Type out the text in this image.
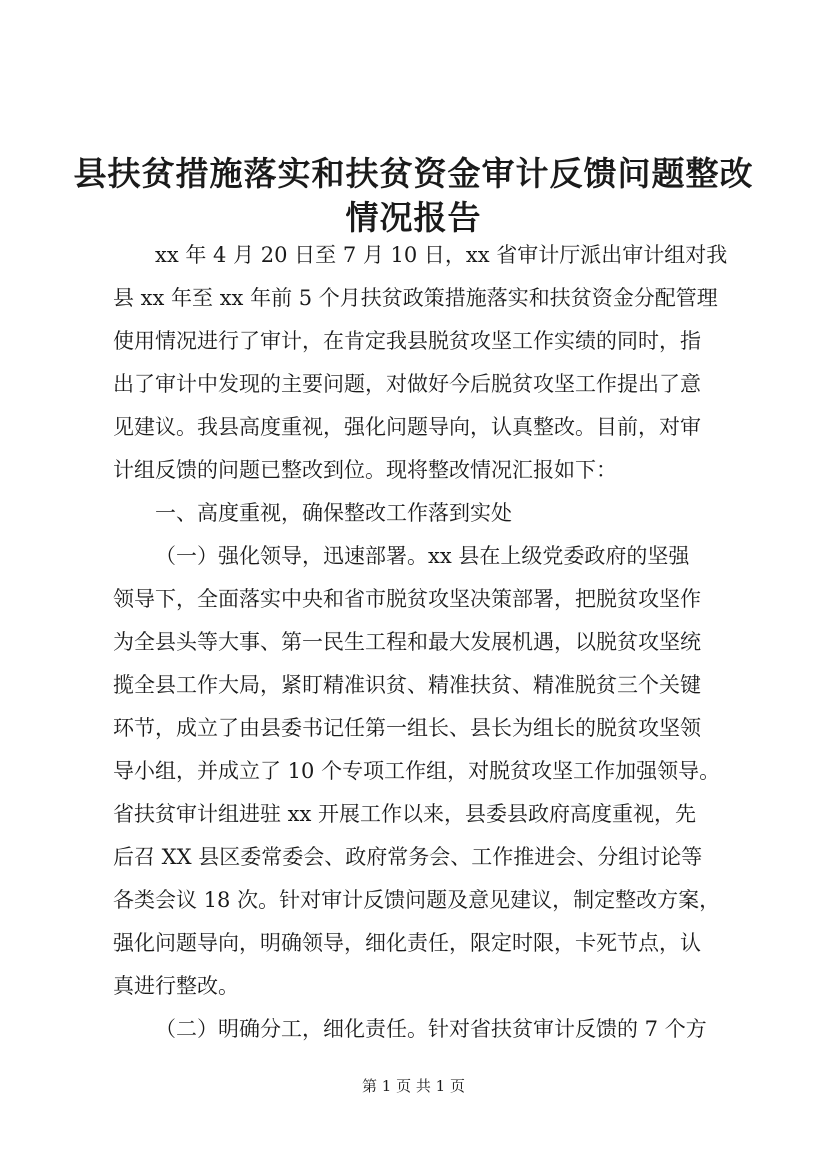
县扶贫措施落实和扶贫资金审计反馈问题整改
情况报告

xx 年 4 月 20 日至 7 月 10 日，xx 省审计厅派出审计组对我

县 xx 年至 xx 年前 5 个月扶贫政策措施落实和扶贫资金分配管理

使用情况进行了审计，在肯定我县脱贫攻坚工作实绩的同时，指

出了审计中发现的主要问题，对做好今后脱贫攻坚工作提出了意

见建议。我县高度重视，强化问题导向，认真整改。目前，对审

计组反馈的问题已整改到位。现将整改情况汇报如下：

一、高度重视，确保整改工作落到实处

（一）强化领导，迅速部署。xx 县在上级党委政府的坚强

领导下，全面落实中央和省市脱贫攻坚决策部署，把脱贫攻坚作

为全县头等大事、第一民生工程和最大发展机遇，以脱贫攻坚统

揽全县工作大局，紧盯精准识贫、精准扶贫、精准脱贫三个关键

环节，成立了由县委书记任第一组长、县长为组长的脱贫攻坚领

导小组，并成立了 10 个专项工作组，对脱贫攻坚工作加强领导。

省扶贫审计组进驻 xx 开展工作以来，县委县政府高度重视，先

后召 XX 县区委常委会、政府常务会、工作推进会、分组讨论等

各类会议 18 次。针对审计反馈问题及意见建议，制定整改方案，

强化问题导向，明确领导，细化责任，限定时限，卡死节点，认

真进行整改。

（二）明确分工，细化责任。针对省扶贫审计反馈的 7 个方

第 1 页 共 1 页
